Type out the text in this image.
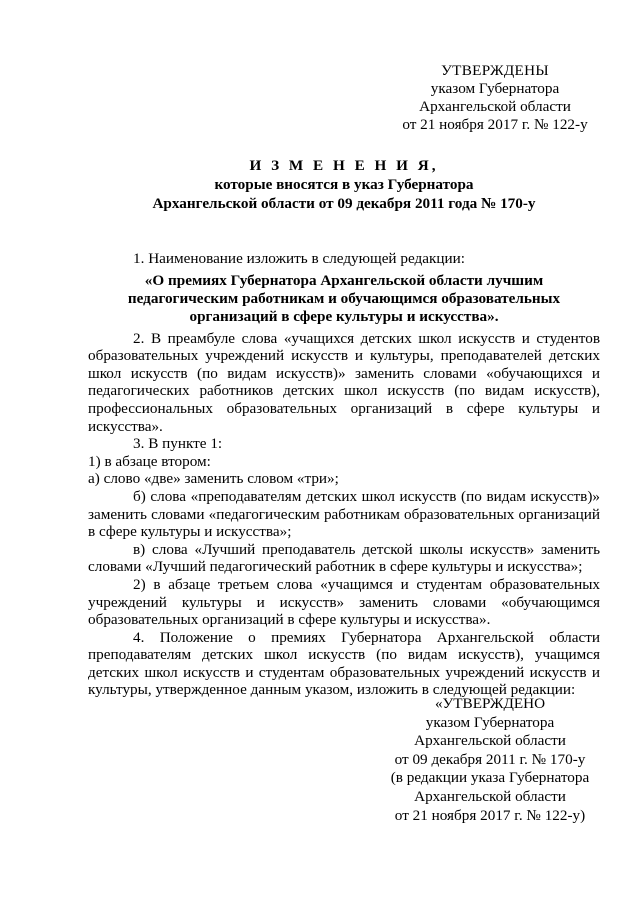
УТВЕРЖДЕНЫ
указом Губернатора
Архангельской области
от 21 ноября 2017 г. № 122-у
И З М Е Н Е Н И Я,
которые вносятся в указ Губернатора
Архангельской области от 09 декабря 2011 года № 170-у

1. Наименование изложить в следующей редакции:

«О премиях Губернатора Архангельской области лучшим педагогическим работникам и обучающимся образовательных организаций в сфере культуры и искусства».

2. В преамбуле слова «учащихся детских школ искусств и студентов образовательных учреждений искусств и культуры, преподавателей детских школ искусств (по видам искусств)» заменить словами «обучающихся и педагогических работников детских школ искусств (по видам искусств), профессиональных образовательных организаций в сфере культуры и искусства».

3. В пункте 1:

1) в абзаце втором:

а) слово «две» заменить словом «три»;

б) слова «преподавателям детских школ искусств (по видам искусств)» заменить словами «педагогическим работникам образовательных организаций в сфере культуры и искусства»;

в) слова «Лучший преподаватель детской школы искусств» заменить словами «Лучший педагогический работник в сфере культуры и искусства»;

2) в абзаце третьем слова «учащимся и студентам образовательных учреждений культуры и искусств» заменить словами «обучающимся образовательных организаций в сфере культуры и искусства».

4. Положение о премиях Губернатора Архангельской области преподавателям детских школ искусств (по видам искусств), учащимся детских школ искусств и студентам образовательных учреждений искусств и культуры, утвержденное данным указом, изложить в следующей редакции:

«УТВЕРЖДЕНО
указом Губернатора
Архангельской области
от 09 декабря 2011 г. № 170-у
(в редакции указа Губернатора
Архангельской области
от 21 ноября 2017 г. № 122-у)
